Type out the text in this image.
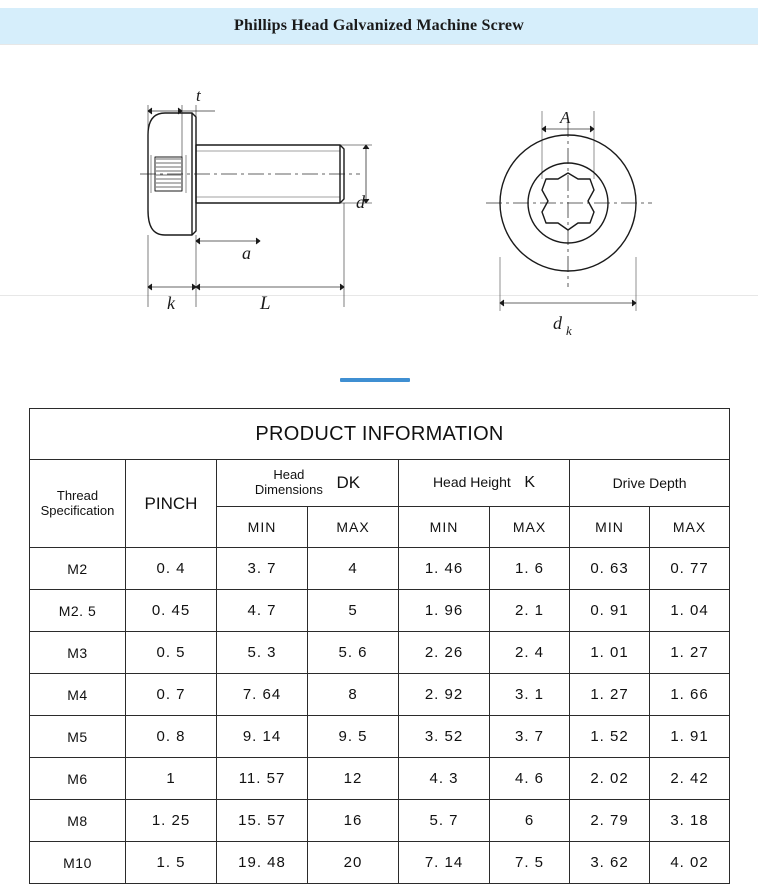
Phillips Head Galvanized Machine Screw
t
d
a
k	L
A
d k
PRODUCT INFORMATION							

Thread
Specification	PINCH	
Head
Dimensions DK	Head Height K	Drive Depth
		MIN	MAX	MIN	MAX	MIN	MAX
M2	0. 4	3. 7	4	1. 46	1. 6	0. 63	0. 77
M2. 5	0. 45	4. 7	5	1. 96	2. 1	0. 91	1. 04
M3	0. 5	5. 3	5. 6	2. 26	2. 4	1. 01	1. 27
M4	0. 7	7. 64	8	2. 92	3. 1	1. 27	1. 66
M5	0. 8	9. 14	9. 5	3. 52	3. 7	1. 52	1. 91
M6	1	11. 57	12	4. 3	4. 6	2. 02	2. 42
M8	1. 25	15. 57	16	5. 7	6	2. 79	3. 18
M10	1. 5	19. 48	20	7. 14	7. 5	3. 62	4. 02
